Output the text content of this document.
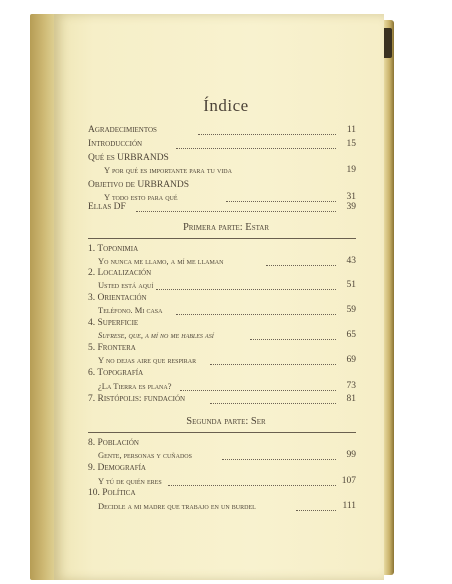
Índice
Agradecimientos	11
Introducción	15
Qué es URBRANDS
Y por qué es importante para tu vida	19
Objetivo de URBRANDS
Y todo esto para qué	31
Ellas DF	39
Primera parte: Estar
1. Toponimia
Yo nunca me llamo, a mí me llaman	43
2. Localización
Usted está aquí	51
3. Orientación
Teléfono. Mi casa	59
4. Superficie
Sufrese, que, a mí no me hables así	65
5. Frontera
Y no dejas aire que respirar	69
6. Topografía
¿La Tierra es plana?	73
7. Ristópolis: fundación	81
Segunda parte: Ser
8. Población
Gente, personas y cuñados	99
9. Demografía
Y tú de quién eres	107
10. Política
Decidle a mi madre que trabajo en un burdel	111
